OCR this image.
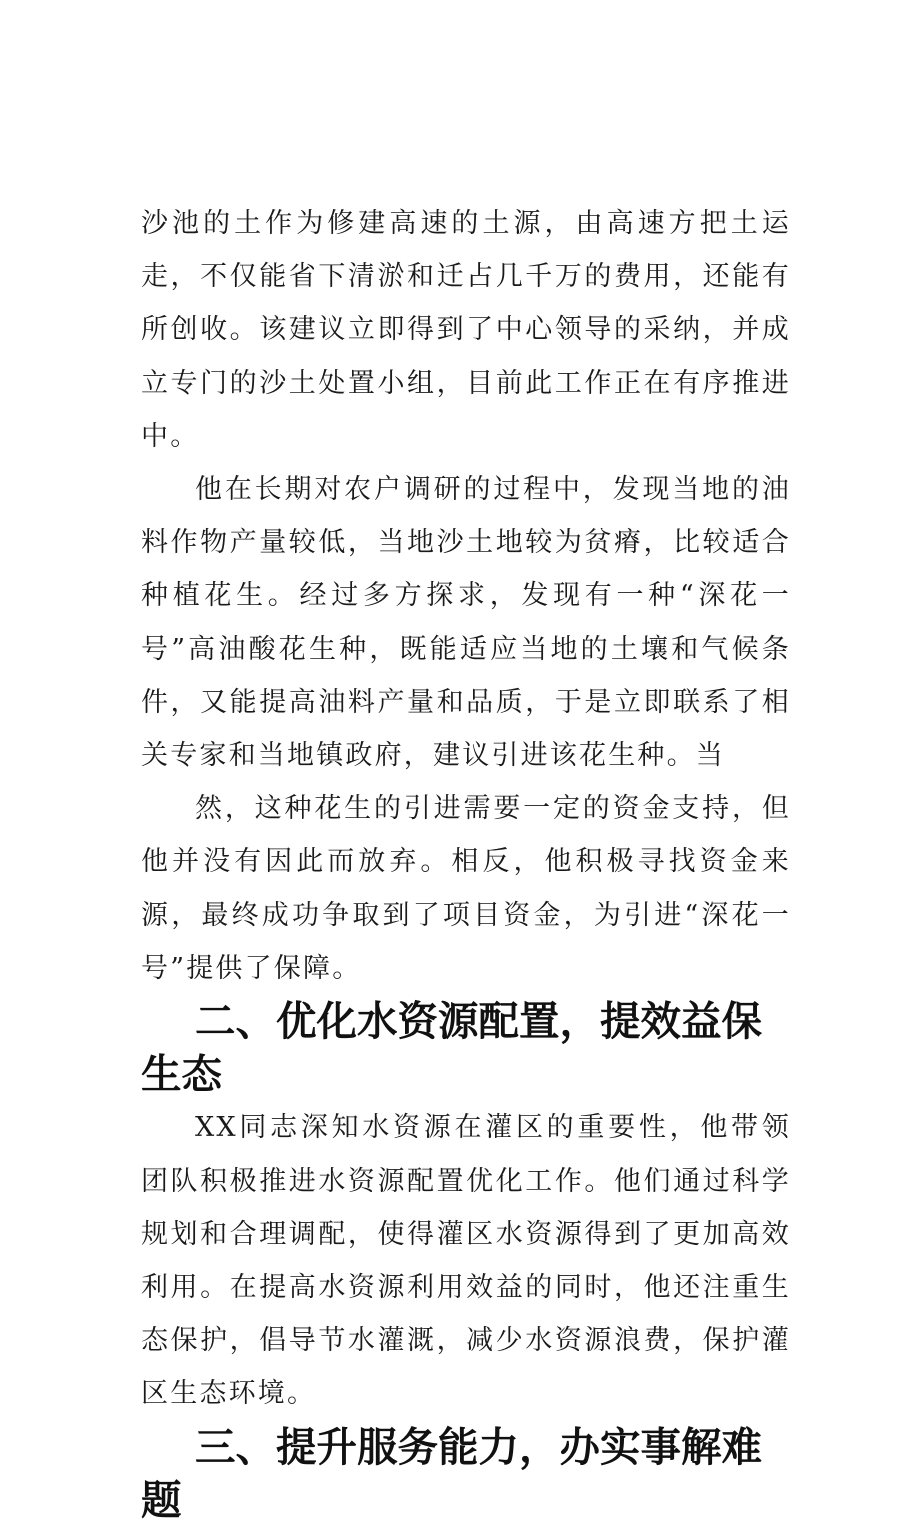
沙池的土作为修建高速的土源，由高速方把土运走，不仅能省下清淤和迁占几千万的费用，还能有所创收。该建议立即得到了中心领导的采纳，并成立专门的沙土处置小组，目前此工作正在有序推进中。

他在长期对农户调研的过程中，发现当地的油料作物产量较低，当地沙土地较为贫瘠，比较适合种植花生。经过多方探求，发现有一种“深花一号”高油酸花生种，既能适应当地的土壤和气候条件，又能提高油料产量和品质，于是立即联系了相关专家和当地镇政府，建议引进该花生种。当

然，这种花生的引进需要一定的资金支持，但他并没有因此而放弃。相反，他积极寻找资金来源，最终成功争取到了项目资金，为引进“深花一号”提供了保障。

二、优化水资源配置，提效益保生态

XX同志深知水资源在灌区的重要性，他带领团队积极推进水资源配置优化工作。他们通过科学规划和合理调配，使得灌区水资源得到了更加高效利用。在提高水资源利用效益的同时，他还注重生态保护，倡导节水灌溉，减少水资源浪费，保护灌区生态环境。

三、提升服务能力，办实事解难题
